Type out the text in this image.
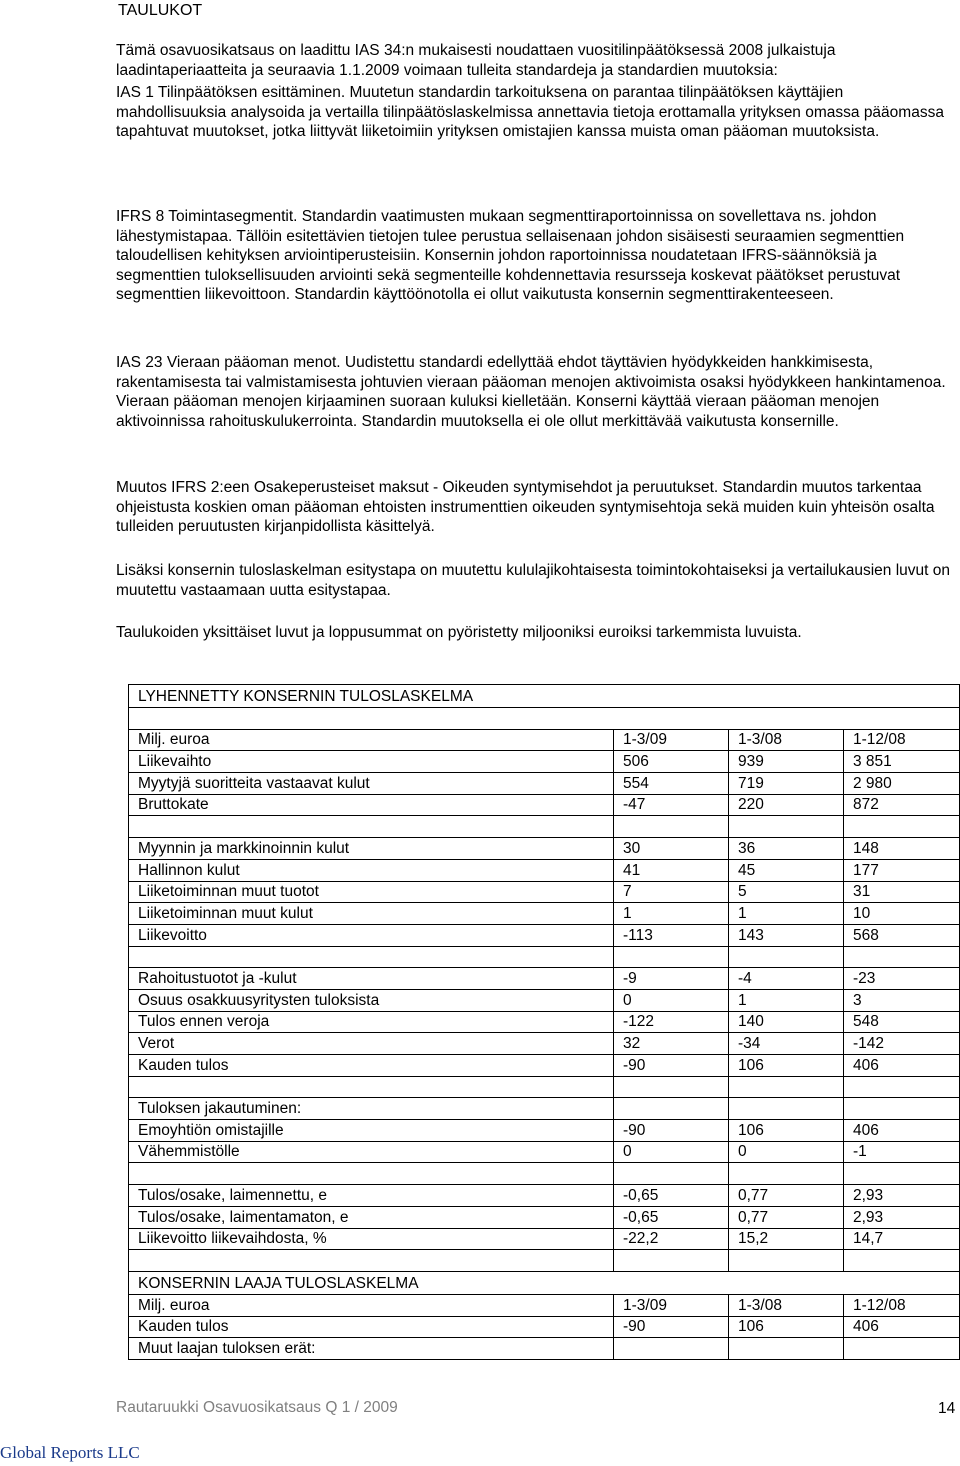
TAULUKOT

Tämä osavuosikatsaus on laadittu IAS 34:n mukaisesti noudattaen vuositilinpäätöksessä 2008 julkaistuja laadintaperiaatteita ja seuraavia 1.1.2009 voimaan tulleita standardeja ja standardien muutoksia:

IAS 1 Tilinpäätöksen esittäminen. Muutetun standardin tarkoituksena on parantaa tilinpäätöksen käyttäjien mahdollisuuksia analysoida ja vertailla tilinpäätöslaskelmissa annettavia tietoja erottamalla yrityksen omassa pääomassa tapahtuvat muutokset, jotka liittyvät liiketoimiin yrityksen omistajien kanssa muista oman pääoman muutoksista.

IFRS 8 Toimintasegmentit. Standardin vaatimusten mukaan segmenttiraportoinnissa on sovellettava ns. johdon lähestymistapaa. Tällöin esitettävien tietojen tulee perustua sellaisenaan johdon sisäisesti seuraamien segmenttien taloudellisen kehityksen arviointiperusteisiin. Konsernin johdon raportoinnissa noudatetaan IFRS-säännöksiä ja segmenttien tuloksellisuuden arviointi sekä segmenteille kohdennettavia resursseja koskevat päätökset perustuvat segmenttien liikevoittoon. Standardin käyttöönotolla ei ollut vaikutusta konsernin segmenttirakenteeseen.

IAS 23 Vieraan pääoman menot. Uudistettu standardi edellyttää ehdot täyttävien hyödykkeiden hankkimisesta, rakentamisesta tai valmistamisesta johtuvien vieraan pääoman menojen aktivoimista osaksi hyödykkeen hankintamenoa. Vieraan pääoman menojen kirjaaminen suoraan kuluksi kielletään. Konserni käyttää vieraan pääoman menojen aktivoinnissa rahoituskulukerrointa. Standardin muutoksella ei ole ollut merkittävää vaikutusta konsernille.

Muutos IFRS 2:een Osakeperusteiset maksut - Oikeuden syntymisehdot ja peruutukset. Standardin muutos tarkentaa ohjeistusta koskien oman pääoman ehtoisten instrumenttien oikeuden syntymisehtoja sekä muiden kuin yhteisön osalta tulleiden peruutusten kirjanpidollista käsittelyä.

Lisäksi konsernin tuloslaskelman esitystapa on muutettu kululajikohtaisesta toimintokohtaiseksi ja vertailukausien luvut on muutettu vastaamaan uutta esitystapaa.

Taulukoiden yksittäiset luvut ja loppusummat on pyöristetty miljooniksi euroiksi tarkemmista luvuista.

LYHENNETTY KONSERNIN TULOSLASKELMA			

Milj. euroa	1-3/09	1-3/08	1-12/08
Liikevaihto	506	939	3 851
Myytyjä suoritteita vastaavat kulut	554	719	2 980
Bruttokate	-47	220	872

Myynnin ja markkinoinnin kulut	30	36	148
Hallinnon kulut	41	45	177
Liiketoiminnan muut tuotot	7	5	31
Liiketoiminnan muut kulut	1	1	10
Liikevoitto	-113	143	568

Rahoitustuotot ja -kulut	-9	-4	-23
Osuus osakkuusyritysten tuloksista	0	1	3
Tulos ennen veroja	-122	140	548
Verot	32	-34	-142
Kauden tulos	-90	106	406

Tuloksen jakautuminen:			
Emoyhtiön omistajille	-90	106	406
Vähemmistölle	0	0	-1

Tulos/osake, laimennettu, e	-0,65	0,77	2,93
Tulos/osake, laimentamaton, e	-0,65	0,77	2,93
Liikevoitto liikevaihdosta, %	-22,2	15,2	14,7

KONSERNIN LAAJA TULOSLASKELMA			
Milj. euroa	1-3/09	1-3/08	1-12/08
Kauden tulos	-90	106	406
Muut laajan tuloksen erät:			
Rautaruukki Osavuosikatsaus Q 1 / 2009	14
Global Reports LLC
